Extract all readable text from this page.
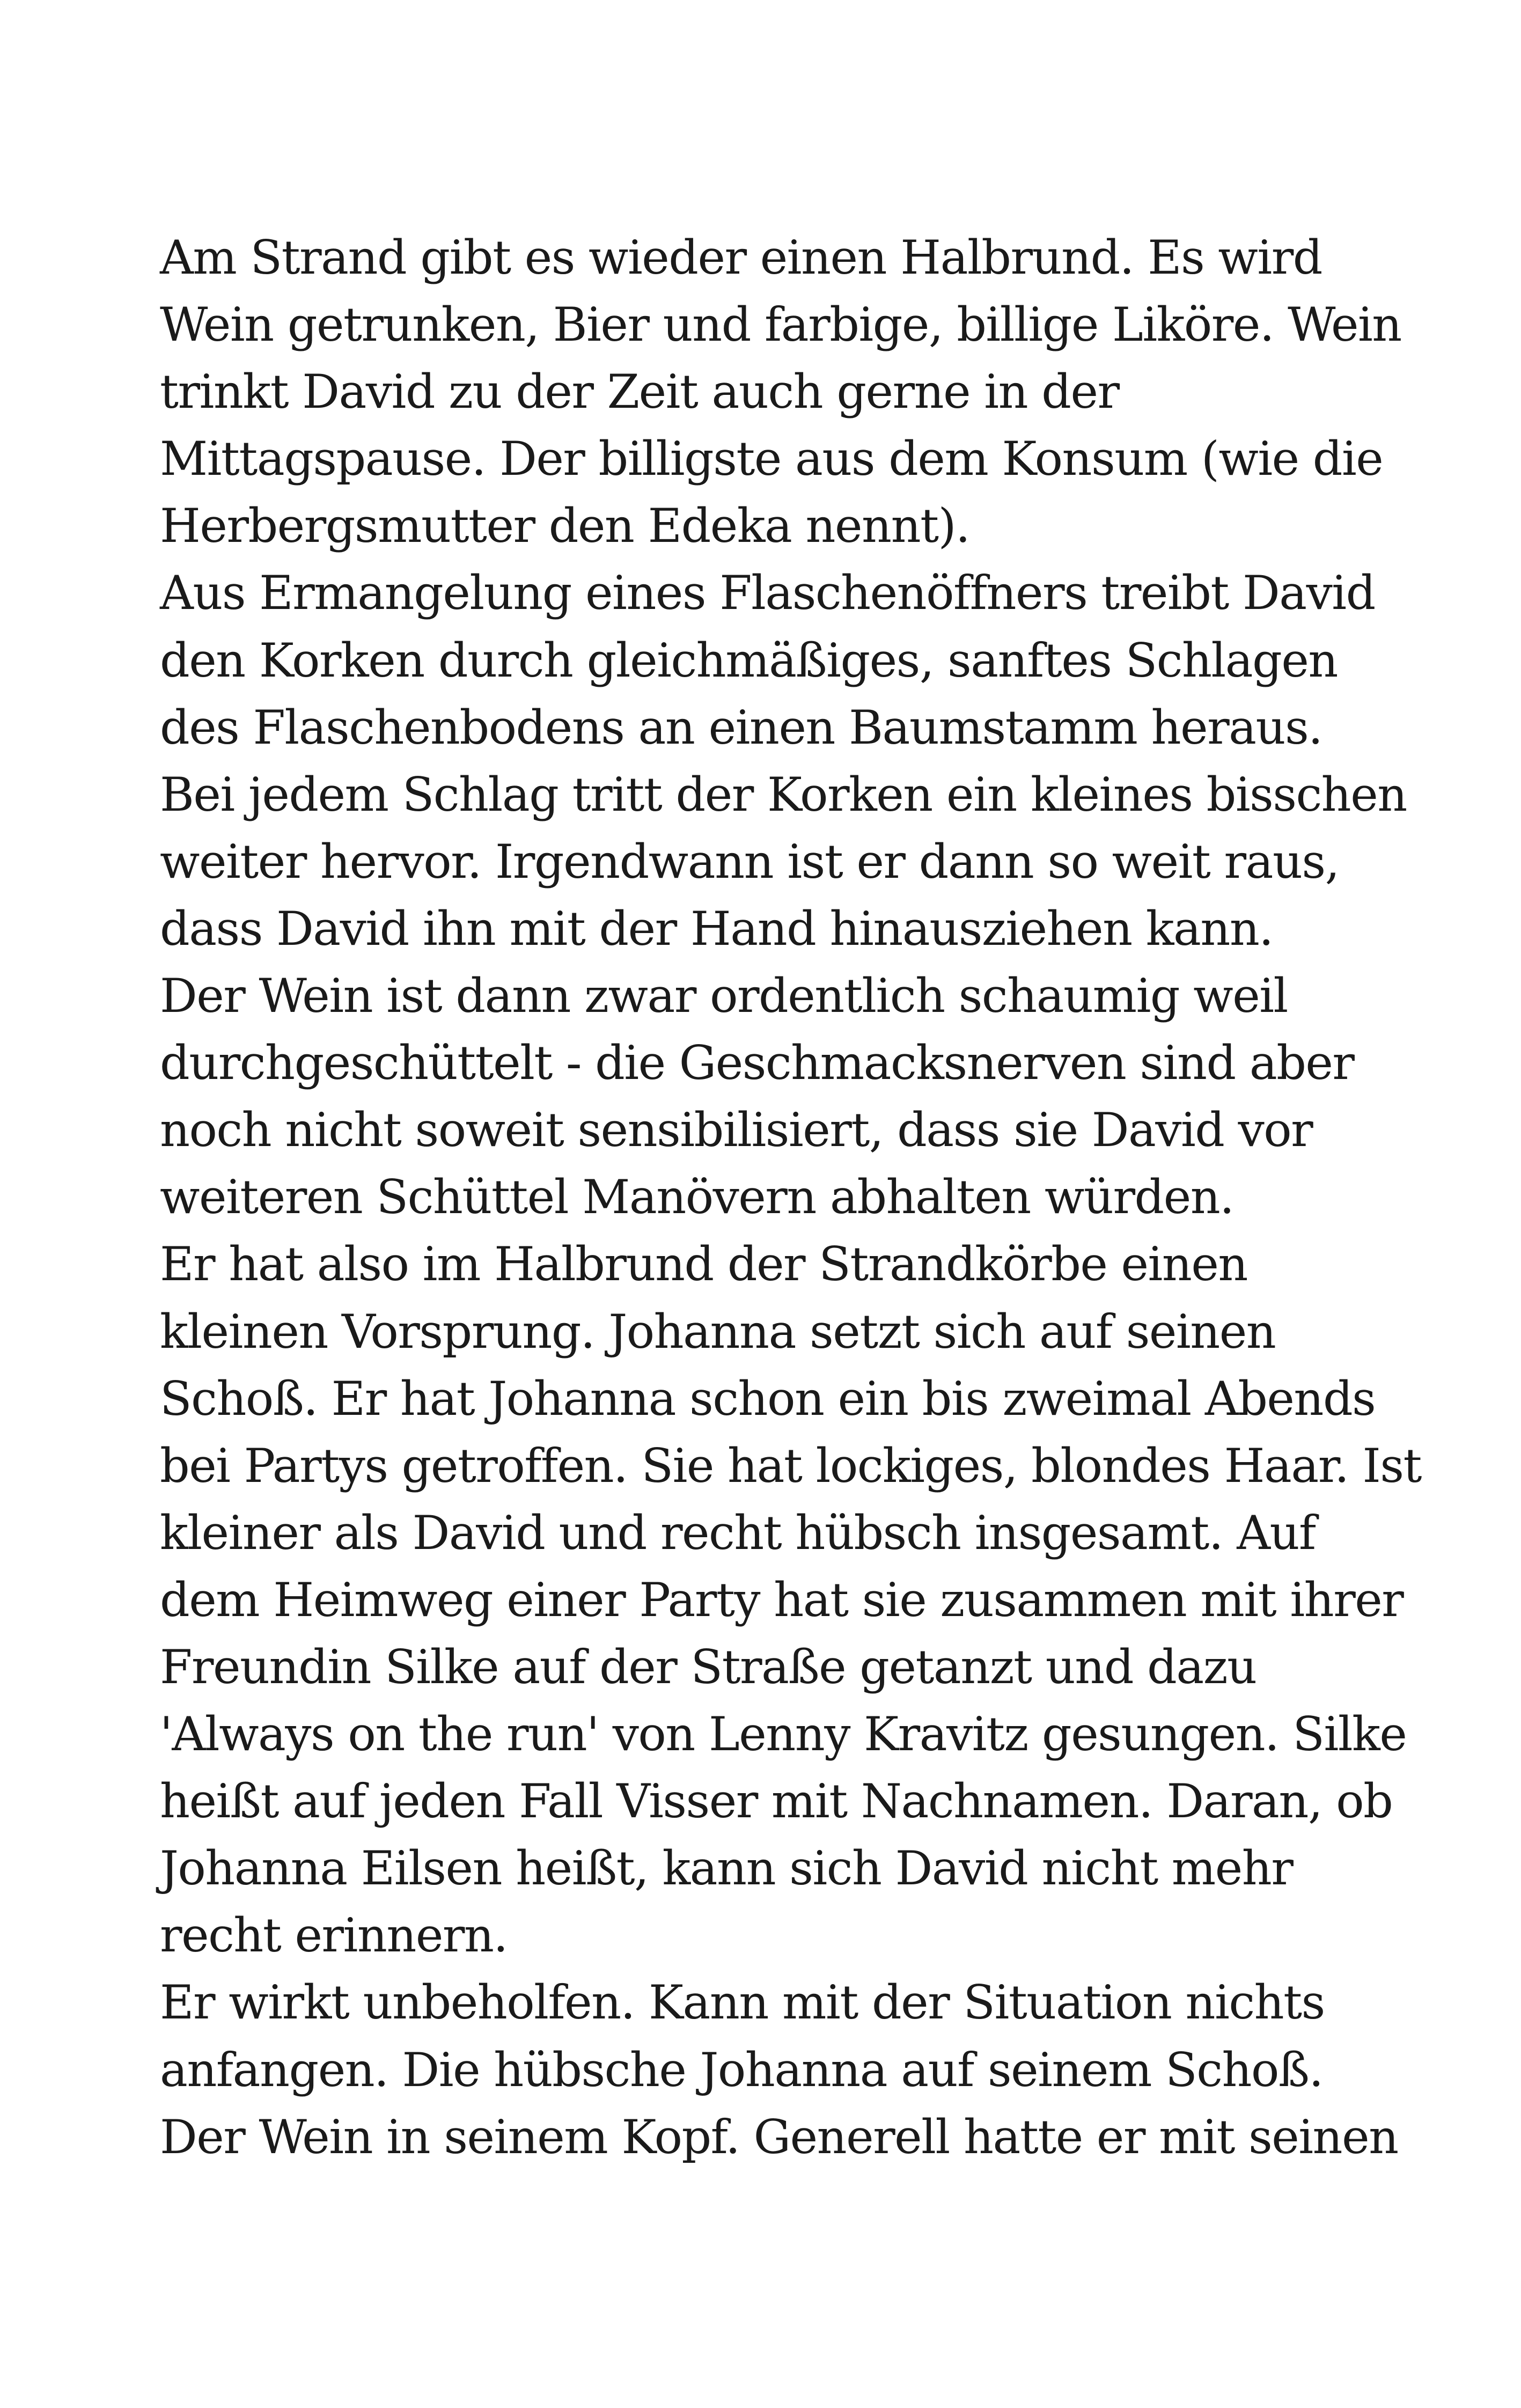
Am Strand gibt es wieder einen Halbrund. Es wird
Wein getrunken, Bier und farbige, billige Liköre. Wein
trinkt David zu der Zeit auch gerne in der
Mittagspause. Der billigste aus dem Konsum (wie die
Herbergsmutter den Edeka nennt).
Aus Ermangelung eines Flaschenöffners treibt David
den Korken durch gleichmäßiges, sanftes Schlagen
des Flaschenbodens an einen Baumstamm heraus.
Bei jedem Schlag tritt der Korken ein kleines bisschen
weiter hervor. Irgendwann ist er dann so weit raus,
dass David ihn mit der Hand hinausziehen kann.
Der Wein ist dann zwar ordentlich schaumig weil
durchgeschüttelt - die Geschmacksnerven sind aber
noch nicht soweit sensibilisiert, dass sie David vor
weiteren Schüttel Manövern abhalten würden.
Er hat also im Halbrund der Strandkörbe einen
kleinen Vorsprung. Johanna setzt sich auf seinen
Schoß. Er hat Johanna schon ein bis zweimal Abends
bei Partys getroffen. Sie hat lockiges, blondes Haar. Ist
kleiner als David und recht hübsch insgesamt. Auf
dem Heimweg einer Party hat sie zusammen mit ihrer
Freundin Silke auf der Straße getanzt und dazu
'Always on the run' von Lenny Kravitz gesungen. Silke
heißt auf jeden Fall Visser mit Nachnamen. Daran, ob
Johanna Eilsen heißt, kann sich David nicht mehr
recht erinnern.
Er wirkt unbeholfen. Kann mit der Situation nichts
anfangen. Die hübsche Johanna auf seinem Schoß.
Der Wein in seinem Kopf. Generell hatte er mit seinen
